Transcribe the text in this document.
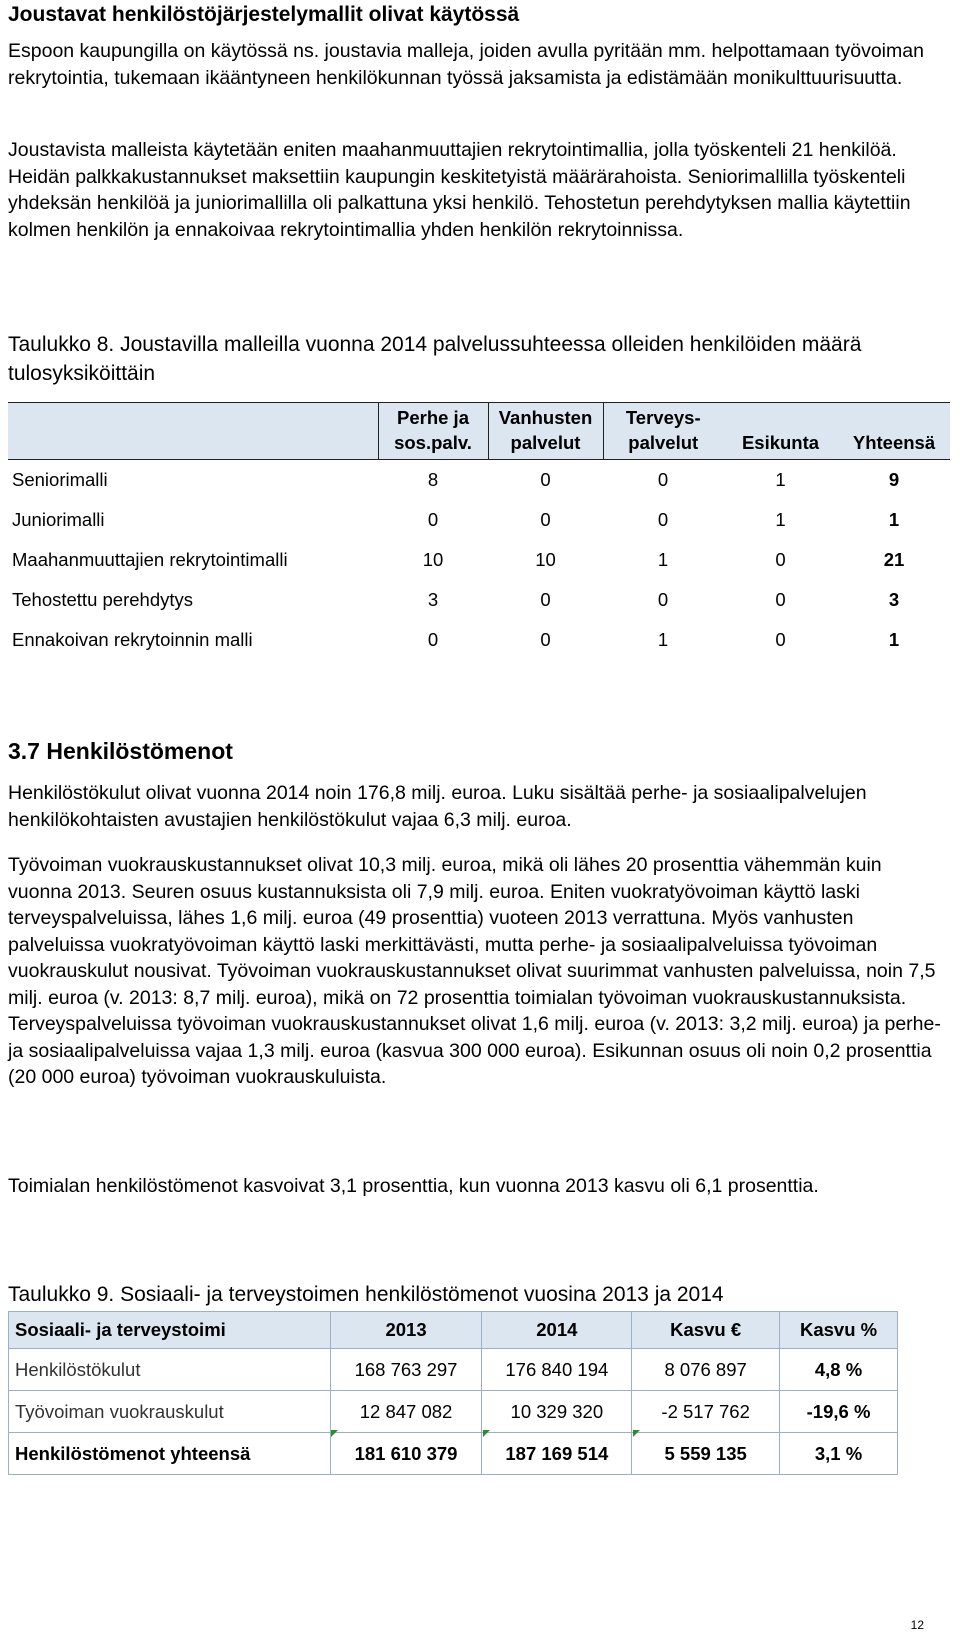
Joustavat henkilöstöjärjestelymallit olivat käytössä

Espoon kaupungilla on käytössä ns. joustavia malleja, joiden avulla pyritään mm. helpottamaan työvoiman rekrytointia, tukemaan ikääntyneen henkilökunnan työssä jaksamista ja edistämään monikulttuurisuutta.

Joustavista malleista käytetään eniten maahanmuuttajien rekrytointimallia, jolla työskenteli 21 henkilöä. Heidän palkkakustannukset maksettiin kaupungin keskitetyistä määrärahoista. Seniorimallilla työskenteli yhdeksän henkilöä ja juniorimallilla oli palkattuna yksi henkilö. Tehostetun perehdytyksen mallia käytettiin kolmen henkilön ja ennakoivaa rekrytointimallia yhden henkilön rekrytoinnissa.

Taulukko 8. Joustavilla malleilla vuonna 2014 palvelussuhteessa olleiden henkilöiden määrä tulosyksiköittäin
	Perhe ja sos.palv.	Vanhusten palvelut	Terveys-palvelut	Esikunta	Yhteensä
Seniorimalli	8	0	0	1	9
Juniorimalli	0	0	0	1	1
Maahanmuuttajien rekrytointimalli	10	10	1	0	21
Tehostettu perehdytys	3	0	0	0	3
Ennakoivan rekrytoinnin malli	0	0	1	0	1
3.7 Henkilöstömenot

Henkilöstökulut olivat vuonna 2014 noin 176,8 milj. euroa. Luku sisältää perhe- ja sosiaalipalvelujen henkilökohtaisten avustajien henkilöstökulut vajaa 6,3 milj. euroa.

Työvoiman vuokrauskustannukset olivat 10,3 milj. euroa, mikä oli lähes 20 prosenttia vähemmän kuin vuonna 2013. Seuren osuus kustannuksista oli 7,9 milj. euroa. Eniten vuokratyövoiman käyttö laski terveyspalveluissa, lähes 1,6 milj. euroa (49 prosenttia) vuoteen 2013 verrattuna. Myös vanhusten palveluissa vuokratyövoiman käyttö laski merkittävästi, mutta perhe- ja sosiaalipalveluissa työvoiman vuokrauskulut nousivat. Työvoiman vuokrauskustannukset olivat suurimmat vanhusten palveluissa, noin 7,5 milj. euroa (v. 2013: 8,7 milj. euroa), mikä on 72 prosenttia toimialan työvoiman vuokrauskustannuksista. Terveyspalveluissa työvoiman vuokrauskustannukset olivat 1,6 milj. euroa (v. 2013: 3,2 milj. euroa) ja perhe- ja sosiaalipalveluissa vajaa 1,3 milj. euroa (kasvua 300 000 euroa). Esikunnan osuus oli noin 0,2 prosenttia (20 000 euroa) työvoiman vuokrauskuluista.

Toimialan henkilöstömenot kasvoivat 3,1 prosenttia, kun vuonna 2013 kasvu oli 6,1 prosenttia.

Taulukko 9. Sosiaali- ja terveystoimen henkilöstömenot vuosina 2013 ja 2014
Sosiaali- ja terveystoimi	2013	2014	Kasvu €	Kasvu %
Henkilöstökulut	168 763 297	176 840 194	8 076 897	4,8 %
Työvoiman vuokrauskulut	12 847 082	10 329 320	-2 517 762	-19,6 %
Henkilöstömenot yhteensä	181 610 379	187 169 514	5 559 135	3,1 %
12
